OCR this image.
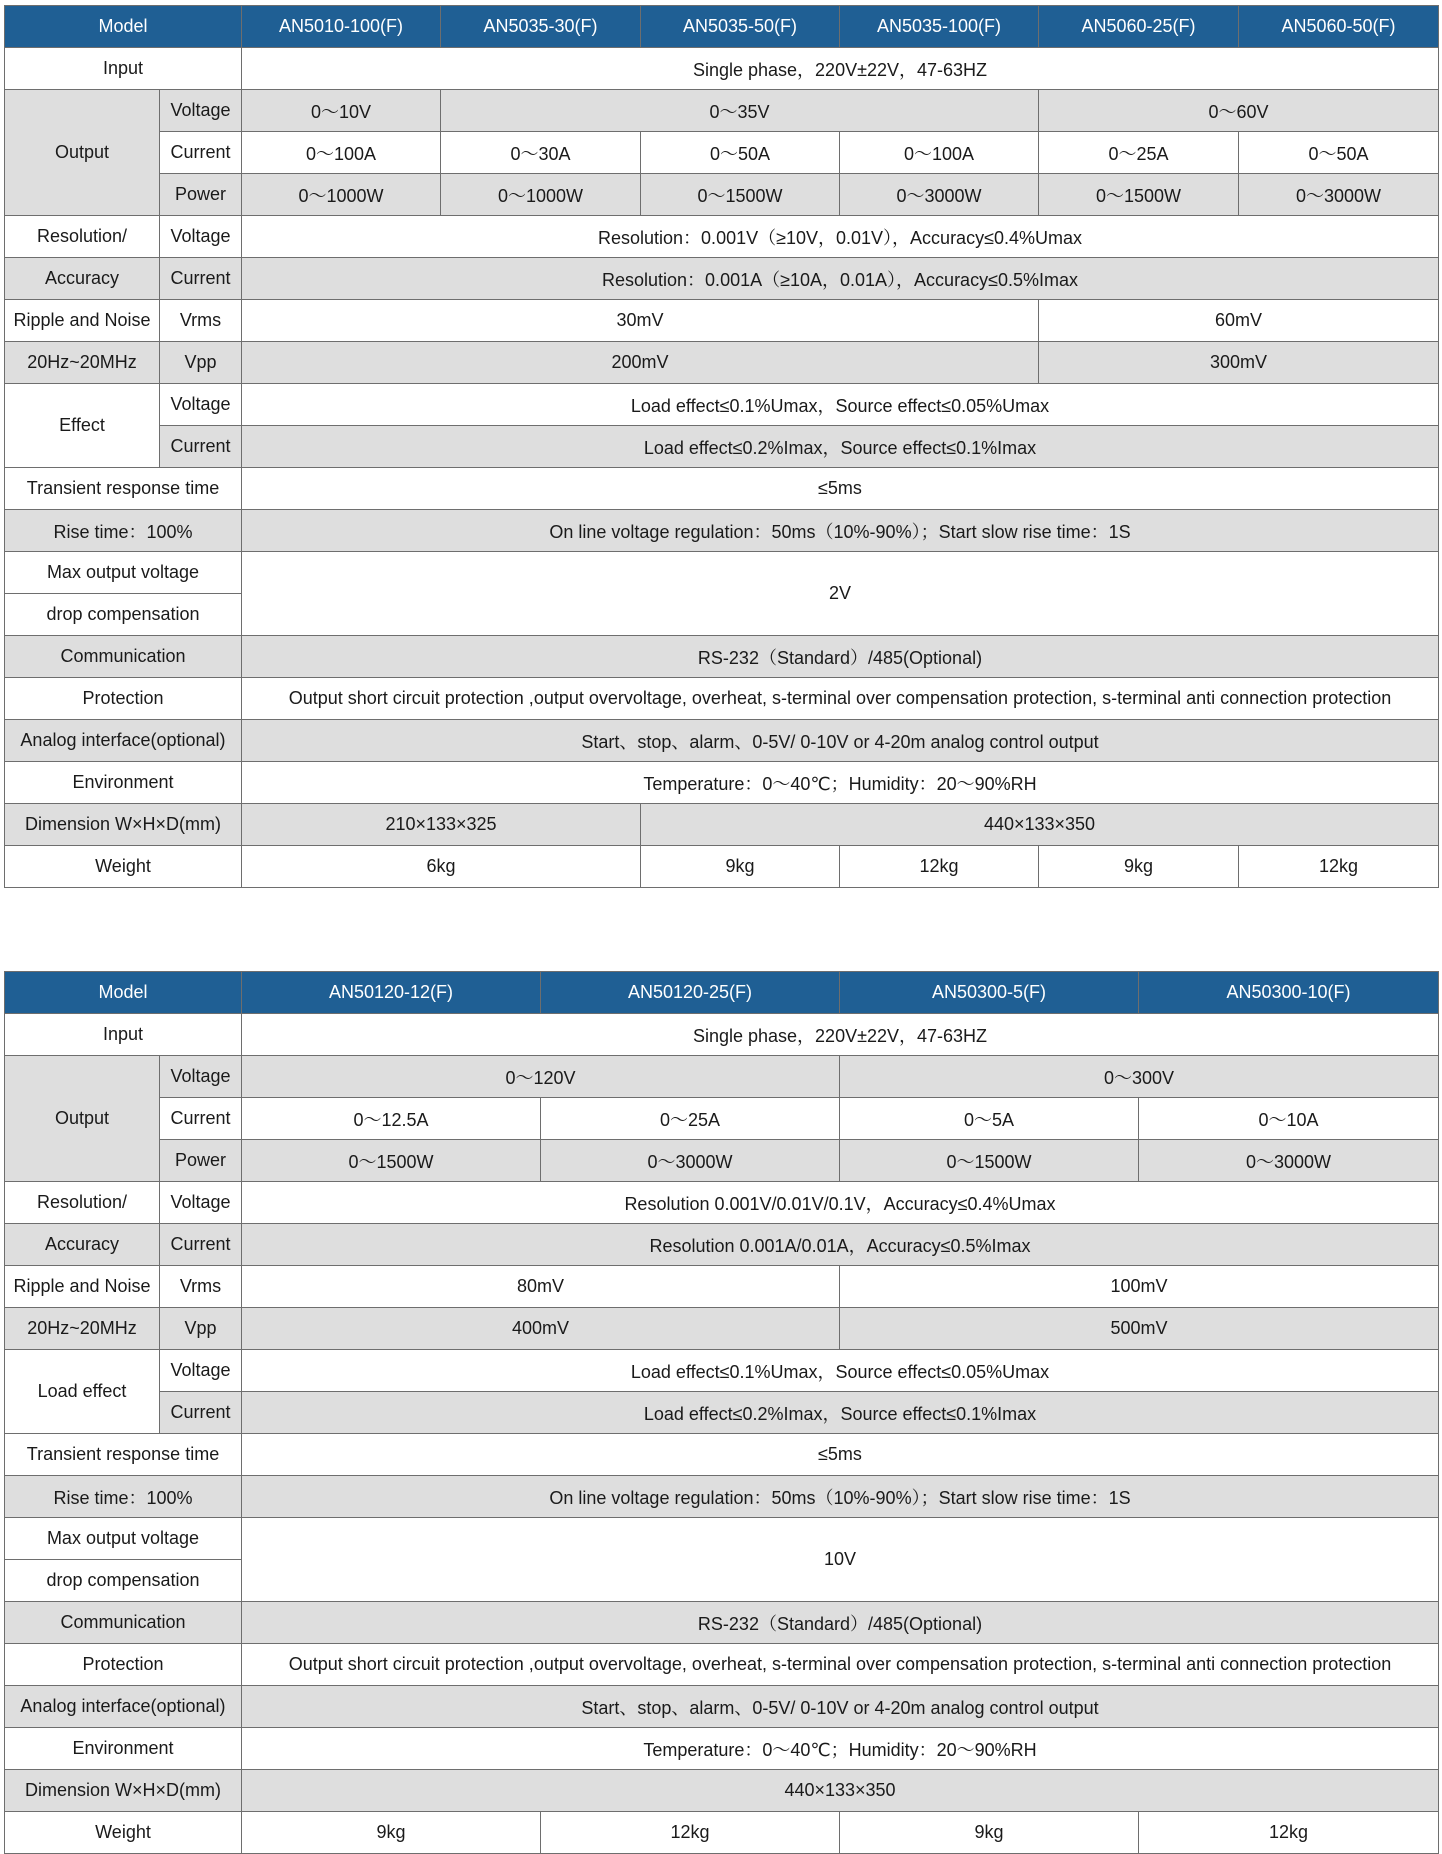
Model		AN5010-100(F)	AN5035-30(F)	AN5035-50(F)	AN5035-100(F)	AN5060-25(F)	AN5060-50(F)
Input		Single phase，220V±22V，47-63HZ					
Output	Voltage	0～10V	0～35V			0～60V	
	Current	0～100A	0～30A	0～50A	0～100A	0～25A	0～50A
	Power	0～1000W	0～1000W	0～1500W	0～3000W	0～1500W	0～3000W
Resolution/	Voltage	Resolution：0.001V（≥10V，0.01V），Accuracy≤0.4%Umax					
Accuracy	Current	Resolution：0.001A（≥10A，0.01A），Accuracy≤0.5%Imax					
Ripple and Noise	Vrms	30mV				60mV	
20Hz~20MHz	Vpp	200mV				300mV	
Effect	Voltage	Load effect≤0.1%Umax，Source effect≤0.05%Umax					
	Current	Load effect≤0.2%Imax，Source effect≤0.1%Imax					
Transient response time		≤5ms					
Rise time：100%		On line voltage regulation：50ms（10%-90%）；Start slow rise time：1S					
Max output voltage		2V					
drop compensation							
Communication		RS-232（Standard）/485(Optional)					
Protection		Output short circuit protection ,output overvoltage, overheat, s-terminal over compensation protection, s-terminal anti connection protection					
Analog interface(optional)		Start、stop、alarm、0-5V/ 0-10V or 4-20m analog control output					
Environment		Temperature：0～40℃；Humidity：20～90%RH					
Dimension W×H×D(mm)		210×133×325		440×133×350			
Weight		6kg		9kg	12kg	9kg	12kg
Model		AN50120-12(F)	AN50120-25(F)	AN50300-5(F)	AN50300-10(F)
Input		Single phase，220V±22V，47-63HZ			
Output	Voltage	0～120V		0～300V	
	Current	0～12.5A	0～25A	0～5A	0～10A
	Power	0～1500W	0～3000W	0～1500W	0～3000W
Resolution/	Voltage	Resolution 0.001V/0.01V/0.1V，Accuracy≤0.4%Umax			
Accuracy	Current	Resolution 0.001A/0.01A，Accuracy≤0.5%Imax			
Ripple and Noise	Vrms	80mV		100mV	
20Hz~20MHz	Vpp	400mV		500mV	
Load effect	Voltage	Load effect≤0.1%Umax，Source effect≤0.05%Umax			
	Current	Load effect≤0.2%Imax，Source effect≤0.1%Imax			
Transient response time		≤5ms			
Rise time：100%		On line voltage regulation：50ms（10%-90%）；Start slow rise time：1S			
Max output voltage		10V			
drop compensation					
Communication		RS-232（Standard）/485(Optional)			
Protection		Output short circuit protection ,output overvoltage, overheat, s-terminal over compensation protection, s-terminal anti connection protection			
Analog interface(optional)		Start、stop、alarm、0-5V/ 0-10V or 4-20m analog control output			
Environment		Temperature：0～40℃；Humidity：20～90%RH			
Dimension W×H×D(mm)		440×133×350			
Weight		9kg	12kg	9kg	12kg
